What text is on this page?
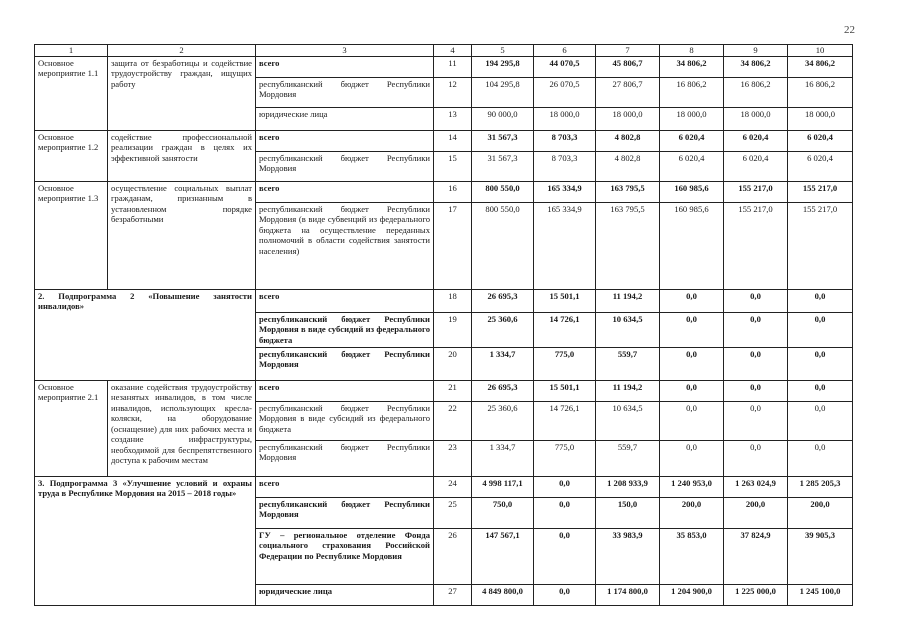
22
1	2	3	4	5	6	7	8	9	10
Основное мероприятие 1.1	защита от безработицы и содействие трудоустройству граждан, ищущих работу	всего	11	194 295,8	44 070,5	45 806,7	34 806,2	34 806,2	34 806,2
		республиканский бюджет Республики Мордовия	12	104 295,8	26 070,5	27 806,7	16 806,2	16 806,2	16 806,2
		юридические лица	13	90 000,0	18 000,0	18 000,0	18 000,0	18 000,0	18 000,0
Основное мероприятие 1.2	содействие профессиональной реализации граждан в целях их эффективной занятости	всего	14	31 567,3	8 703,3	4 802,8	6 020,4	6 020,4	6 020,4
		республиканский бюджет Республики Мордовия	15	31 567,3	8 703,3	4 802,8	6 020,4	6 020,4	6 020,4
Основное мероприятие 1.3	осуществление социальных выплат гражданам, признанным в установленном порядке безработными	всего	16	800 550,0	165 334,9	163 795,5	160 985,6	155 217,0	155 217,0
		республиканский бюджет Республики Мордовия (в виде субвенций из федерального бюджета на осуществление переданных полномочий в области содействия занятости населения)	17	800 550,0	165 334,9	163 795,5	160 985,6	155 217,0	155 217,0
2. Подпрограмма 2 «Повышение занятости инвалидов»		всего	18	26 695,3	15 501,1	11 194,2	0,0	0,0	0,0
		республиканский бюджет Республики Мордовия в виде субсидий из федерального бюджета	19	25 360,6	14 726,1	10 634,5	0,0	0,0	0,0
		республиканский бюджет Республики Мордовия	20	1 334,7	775,0	559,7	0,0	0,0	0,0
Основное мероприятие 2.1	оказание содействия трудоустройству незанятых инвалидов, в том числе инвалидов, использующих кресла-коляски, на оборудование (оснащение) для них рабочих места и создание инфраструктуры, необходимой для беспрепятственного доступа к рабочим местам	всего	21	26 695,3	15 501,1	11 194,2	0,0	0,0	0,0
		республиканский бюджет Республики Мордовия в виде субсидий из федерального бюджета	22	25 360,6	14 726,1	10 634,5	0,0	0,0	0,0
		республиканский бюджет Республики Мордовия	23	1 334,7	775,0	559,7	0,0	0,0	0,0
3. Подпрограмма 3 «Улучшение условий и охраны труда в Республике Мордовия на 2015 – 2018 годы»		всего	24	4 998 117,1	0,0	1 208 933,9	1 240 953,0	1 263 024,9	1 285 205,3
		республиканский бюджет Республики Мордовия	25	750,0	0,0	150,0	200,0	200,0	200,0
		ГУ – региональное отделение Фонда социального страхования Российской Федерации по Республике Мордовия	26	147 567,1	0,0	33 983,9	35 853,0	37 824,9	39 905,3
		юридические лица	27	4 849 800,0	0,0	1 174 800,0	1 204 900,0	1 225 000,0	1 245 100,0
